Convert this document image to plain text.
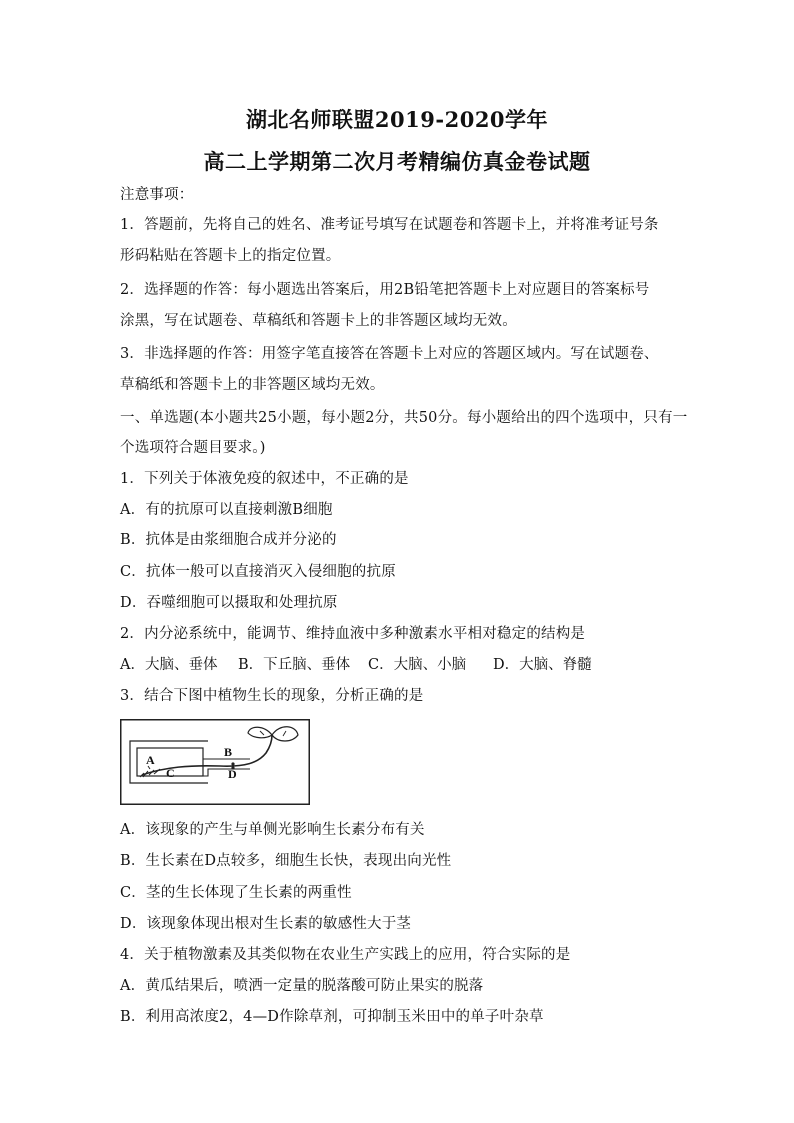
湖北名师联盟2019-2020学年
高二上学期第二次月考精编仿真金卷试题
注意事项：
1．答题前，先将自己的姓名、准考证号填写在试题卷和答题卡上，并将准考证号条
形码粘贴在答题卡上的指定位置。
2．选择题的作答：每小题选出答案后，用2B铅笔把答题卡上对应题目的答案标号
涂黑，写在试题卷、草稿纸和答题卡上的非答题区域均无效。
3．非选择题的作答：用签字笔直接答在答题卡上对应的答题区域内。写在试题卷、
草稿纸和答题卡上的非答题区域均无效。
一、单选题(本小题共25小题，每小题2分，共50分。每小题给出的四个选项中，只有一
个选项符合题目要求。)
1．下列关于体液免疫的叙述中，不正确的是
A．有的抗原可以直接刺激B细胞
B．抗体是由浆细胞合成并分泌的
C．抗体一般可以直接消灭入侵细胞的抗原
D．吞噬细胞可以摄取和处理抗原
2．内分泌系统中，能调节、维持血液中多种激素水平相对稳定的结构是
A．大脑、垂体 B．下丘脑、垂体 C．大脑、小脑 D．大脑、脊髓
3．结合下图中植物生长的现象，分析正确的是
B
D
A
C
A．该现象的产生与单侧光影响生长素分布有关
B．生长素在D点较多，细胞生长快，表现出向光性
C．茎的生长体现了生长素的两重性
D．该现象体现出根对生长素的敏感性大于茎
4．关于植物激素及其类似物在农业生产实践上的应用，符合实际的是
A．黄瓜结果后，喷洒一定量的脱落酸可防止果实的脱落
B．利用高浓度2，4—D作除草剂，可抑制玉米田中的单子叶杂草
